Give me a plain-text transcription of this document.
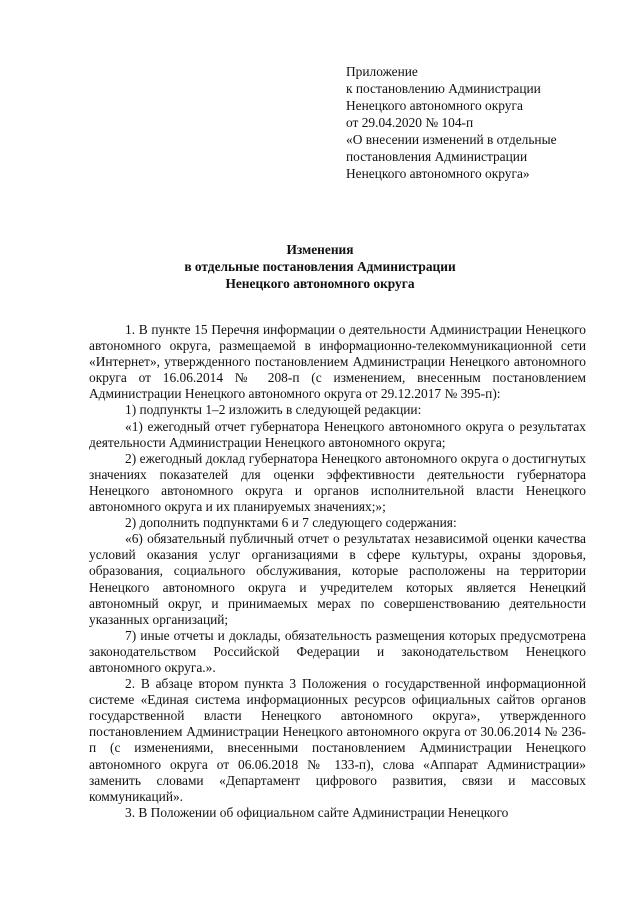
Приложение
к постановлению Администрации
Ненецкого автономного округа
от 29.04.2020 № 104-п
«О внесении изменений в отдельные
постановления Администрации
Ненецкого автономного округа»
Изменения
в отдельные постановления Администрации
Ненецкого автономного округа

1. В пункте 15 Перечня информации о деятельности Администрации Ненецкого автономного округа, размещаемой в информационно-телекоммуникационной сети «Интернет», утвержденного постановлением Администрации Ненецкого автономного округа от 16.06.2014 № 208-п (с изменением, внесенным постановлением Администрации Ненецкого автономного округа от 29.12.2017 № 395-п):

1) подпункты 1–2 изложить в следующей редакции:

«1) ежегодный отчет губернатора Ненецкого автономного округа о результатах деятельности Администрации Ненецкого автономного округа;

2) ежегодный доклад губернатора Ненецкого автономного округа о достигнутых значениях показателей для оценки эффективности деятельности губернатора Ненецкого автономного округа и органов исполнительной власти Ненецкого автономного округа и их планируемых значениях;»;

2) дополнить подпунктами 6 и 7 следующего содержания:

«6) обязательный публичный отчет о результатах независимой оценки качества условий оказания услуг организациями в сфере культуры, охраны здоровья, образования, социального обслуживания, которые расположены на территории Ненецкого автономного округа и учредителем которых является Ненецкий автономный округ, и принимаемых мерах по совершенствованию деятельности указанных организаций;

7) иные отчеты и доклады, обязательность размещения которых предусмотрена законодательством Российской Федерации и законодательством Ненецкого автономного округа.».

2. В абзаце втором пункта 3 Положения о государственной информационной системе «Единая система информационных ресурсов официальных сайтов органов государственной власти Ненецкого автономного округа», утвержденного постановлением Администрации Ненецкого автономного округа от 30.06.2014 № 236-п (с изменениями, внесенными постановлением Администрации Ненецкого автономного округа от 06.06.2018 № 133-п), слова «Аппарат Администрации» заменить словами «Департамент цифрового развития, связи и массовых коммуникаций».

3. В Положении об официальном сайте Администрации Ненецкого
